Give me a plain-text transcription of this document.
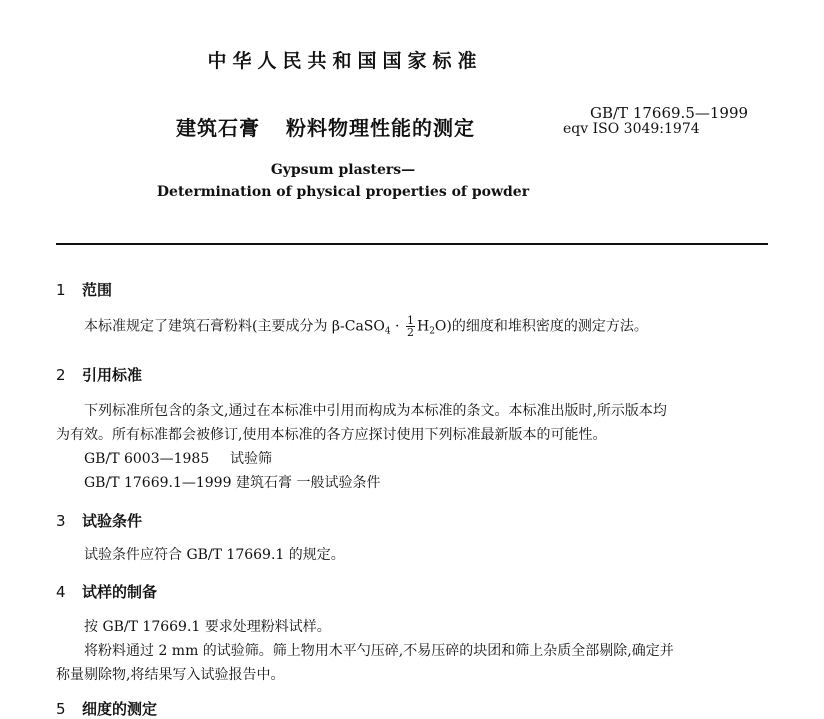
中华人民共和国国家标准
建筑石膏 粉料物理性能的测定
GB/T 17669.5—1999
eqv ISO 3049:1974
Gypsum plasters—
Determination of physical properties of powder
1 范围
本标准规定了建筑石膏粉料(主要成分为 β-CaSO$_4$ · $\frac{1}{2} H_2O$)的细度和堆积密度的测定方法。
2 引用标准
下列标准所包含的条文,通过在本标准中引用而构成为本标准的条文。本标准出版时,所示版本均
为有效。所有标准都会被修订,使用本标准的各方应探讨使用下列标准最新版本的可能性。
GB/T 6003—1985 试验筛
GB/T 17669.1—1999 建筑石膏 一般试验条件
3 试验条件
试验条件应符合 GB/T 17669.1 的规定。
4 试样的制备
按 GB/T 17669.1 要求处理粉料试样。
将粉料通过 2 mm 的试验筛。筛上物用木平勺压碎,不易压碎的块团和筛上杂质全部剔除,确定并
称量剔除物,将结果写入试验报告中。
5 细度的测定
